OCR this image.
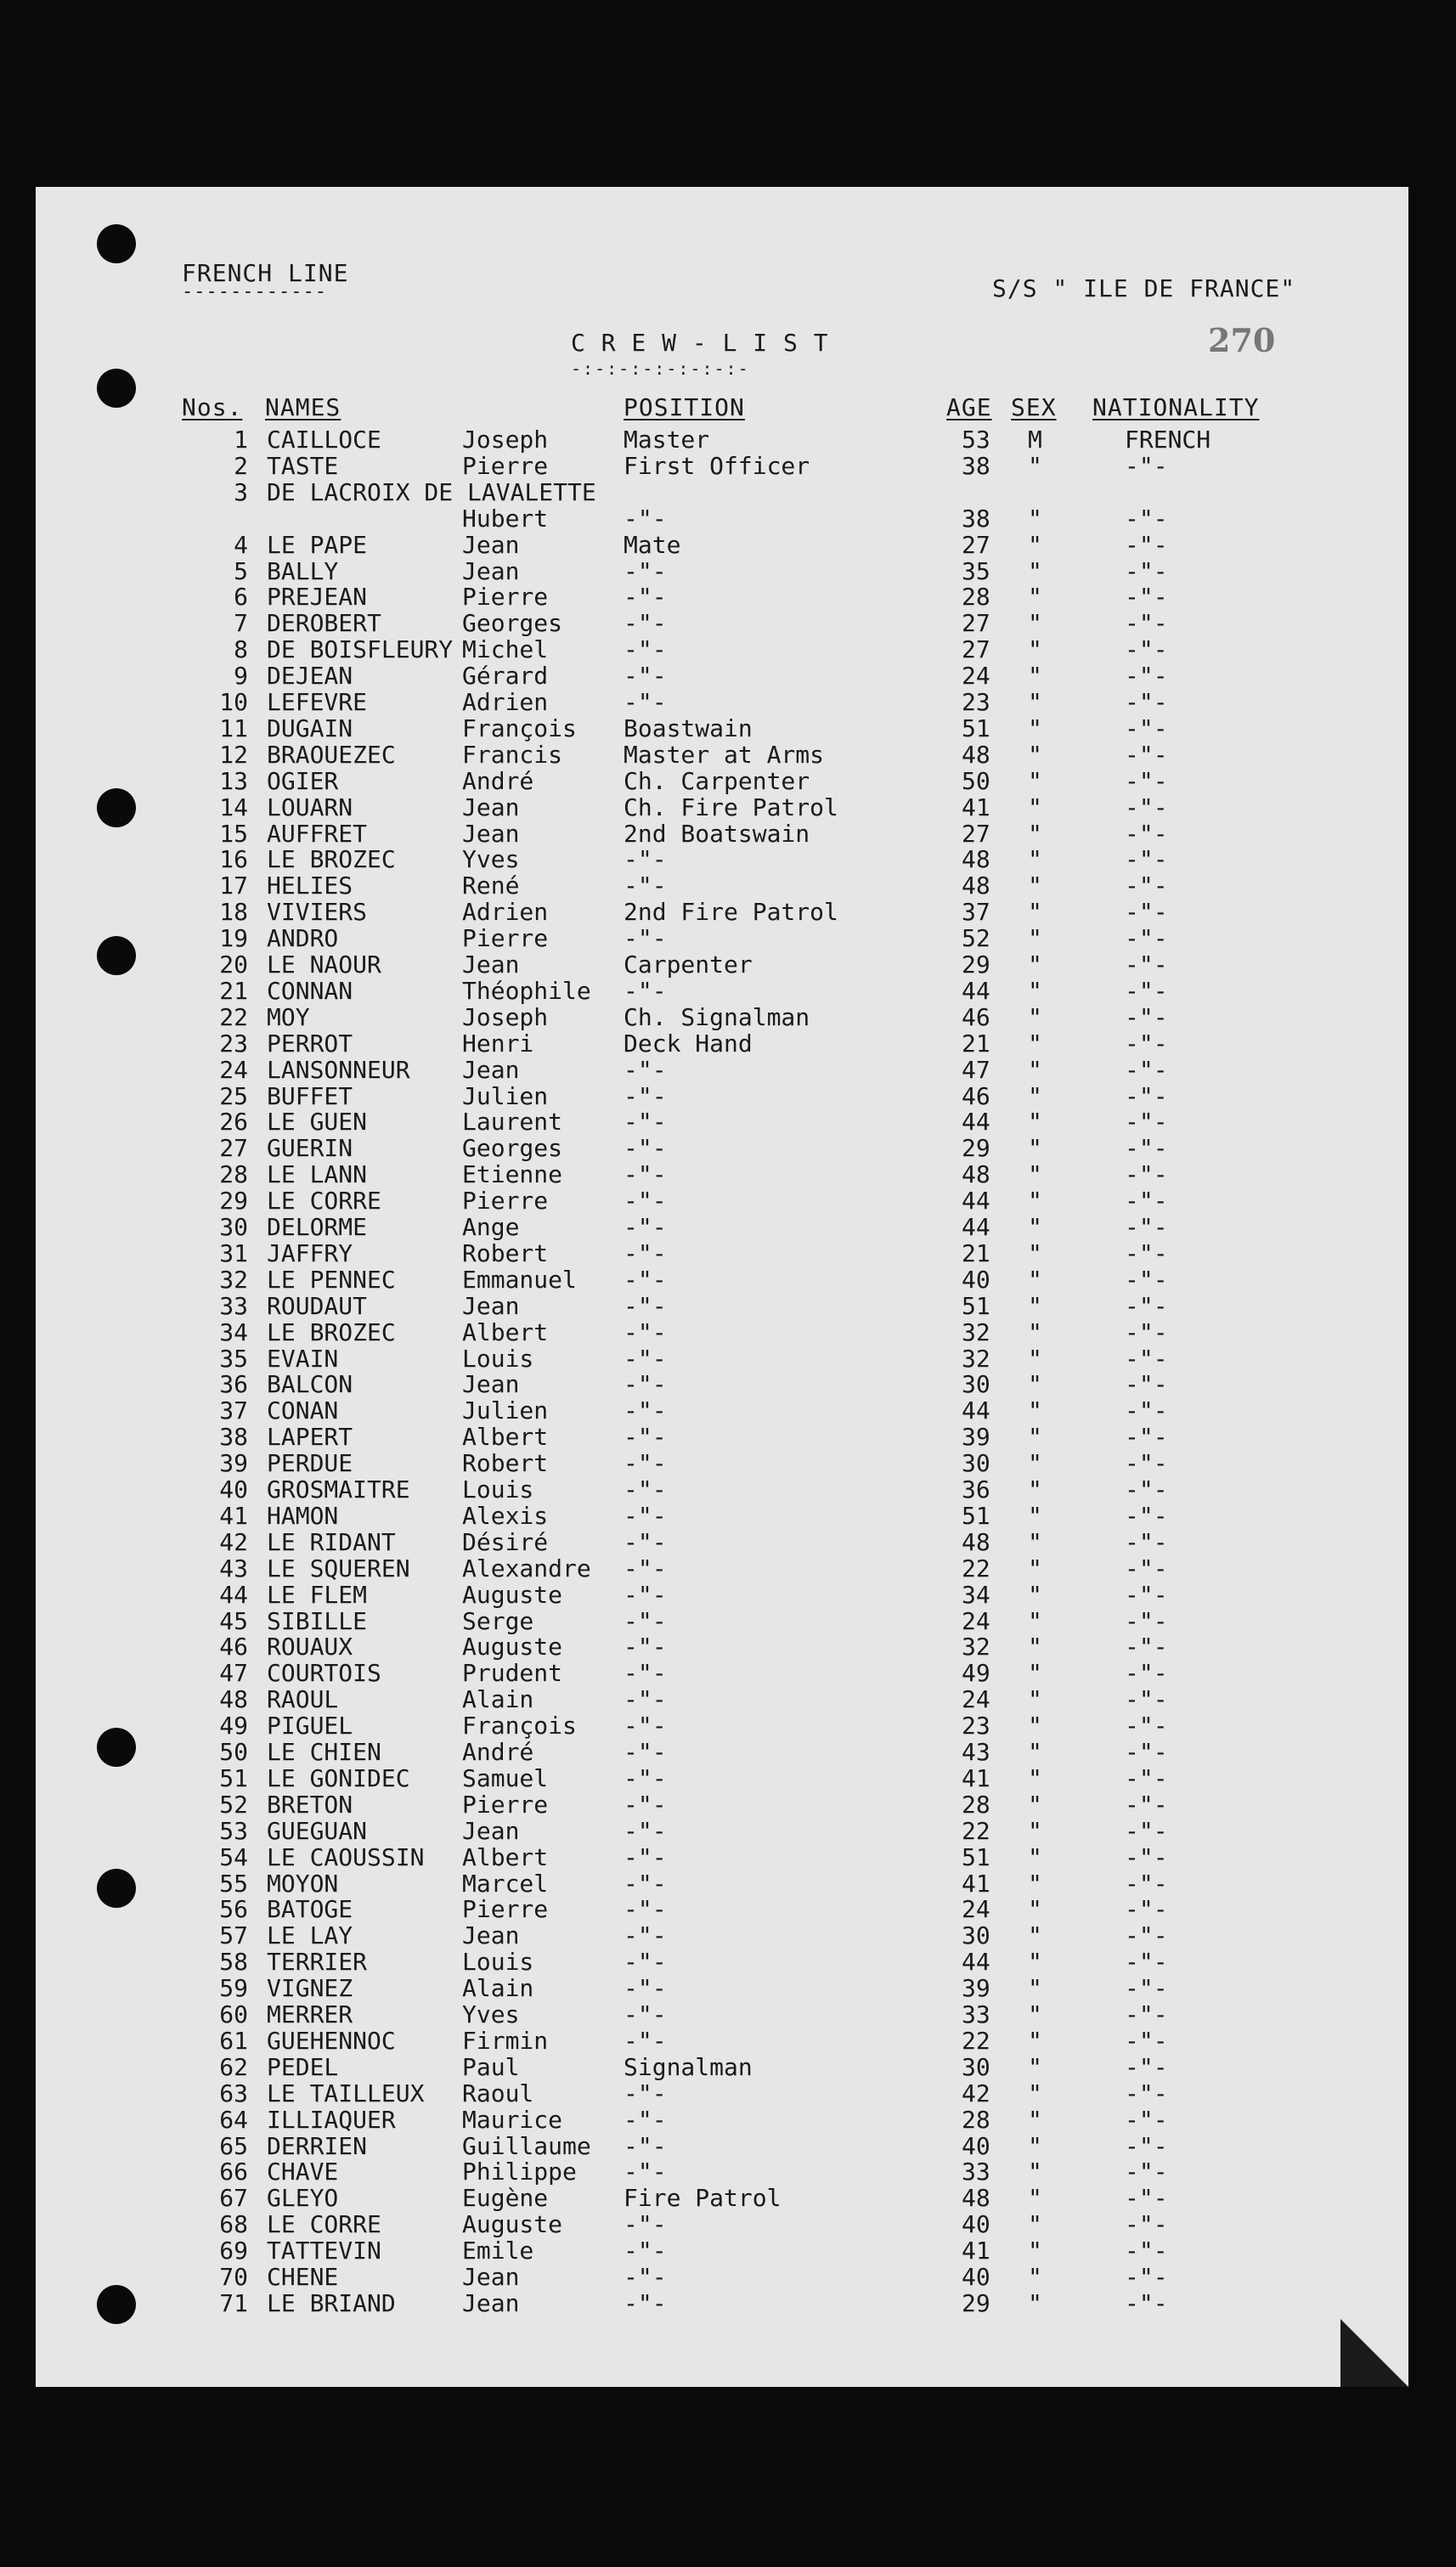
FRENCH LINE
------------	S/S " ILE DE FRANCE"
C R E W - L I S T
-:-:-:-:-:-:-:-
270
Nos. NAMES	POSITION	AGE SEX NATIONALITY
1 CAILLOCE	Joseph	Master	53 M	FRENCH
2 TASTE	Pierre	First Officer	38 "	-"-
3 DE LACROIX DE LAVALETTE
Hubert	-"-	38 "	-"-
4 LE PAPE	Jean	Mate	27 "	-"-
5 BALLY	Jean	-"-	35 "	-"-
6 PREJEAN	Pierre	-"-	28 "	-"-
7 DEROBERT	Georges	-"-	27 "	-"-
8 DE BOISFLEURY Michel	-"-	27 "	-"-
9 DEJEAN	Gérard	-"-	24 "	-"-
10 LEFEVRE	Adrien	-"-	23 "	-"-
11 DUGAIN	François Boastwain	51 "	-"-
12 BRAOUEZEC	Francis	Master at Arms	48 "	-"-
13 OGIER	André	Ch. Carpenter	50 "	-"-
14 LOUARN	Jean	Ch. Fire Patrol	41 "	-"-
15 AUFFRET	Jean	2nd Boatswain	27 "	-"-
16 LE BROZEC	Yves	-"-	48 "	-"-
17 HELIES	René	-"-	48 "	-"-
18 VIVIERS	Adrien	2nd Fire Patrol	37 "	-"-
19 ANDRO	Pierre	-"-	52 "	-"-
20 LE NAOUR	Jean	Carpenter	29 "	-"-
21 CONNAN	Théophile -"-	44 "	-"-
22 MOY	Joseph	Ch. Signalman	46 "	-"-
23 PERROT	Henri	Deck Hand	21 "	-"-
24 LANSONNEUR Jean	-"-	47 "	-"-
25 BUFFET	Julien	-"-	46 "	-"-
26 LE GUEN	Laurent	-"-	44 "	-"-
27 GUERIN	Georges	-"-	29 "	-"-
28 LE LANN	Etienne	-"-	48 "	-"-
29 LE CORRE	Pierre	-"-	44 "	-"-
30 DELORME	Ange	-"-	44 "	-"-
31 JAFFRY	Robert	-"-	21 "	-"-
32 LE PENNEC	Emmanuel -"-	40 "	-"-
33 ROUDAUT	Jean	-"-	51 "	-"-
34 LE BROZEC	Albert	-"-	32 "	-"-
35 EVAIN	Louis	-"-	32 "	-"-
36 BALCON	Jean	-"-	30 "	-"-
37 CONAN	Julien	-"-	44 "	-"-
38 LAPERT	Albert	-"-	39 "	-"-
39 PERDUE	Robert	-"-	30 "	-"-
40 GROSMAITRE Louis	-"-	36 "	-"-
41 HAMON	Alexis	-"-	51 "	-"-
42 LE RIDANT	Désiré	-"-	48 "	-"-
43 LE SQUEREN Alexandre -"-	22 "	-"-
44 LE FLEM	Auguste	-"-	34 "	-"-
45 SIBILLE	Serge	-"-	24 "	-"-
46 ROUAUX	Auguste	-"-	32 "	-"-
47 COURTOIS	Prudent	-"-	49 "	-"-
48 RAOUL	Alain	-"-	24 "	-"-
49 PIGUEL	François -"-	23 "	-"-
50 LE CHIEN	André	-"-	43 "	-"-
51 LE GONIDEC Samuel	-"-	41 "	-"-
52 BRETON	Pierre	-"-	28 "	-"-
53 GUEGUAN	Jean	-"-	22 "	-"-
54 LE CAOUSSIN Albert	-"-	51 "	-"-
55 MOYON	Marcel	-"-	41 "	-"-
56 BATOGE	Pierre	-"-	24 "	-"-
57 LE LAY	Jean	-"-	30 "	-"-
58 TERRIER	Louis	-"-	44 "	-"-
59 VIGNEZ	Alain	-"-	39 "	-"-
60 MERRER	Yves	-"-	33 "	-"-
61 GUEHENNOC	Firmin	-"-	22 "	-"-
62 PEDEL	Paul	Signalman	30 "	-"-
63 LE TAILLEUX Raoul	-"-	42 "	-"-
64 ILLIAQUER	Maurice	-"-	28 "	-"-
65 DERRIEN	Guillaume -"-	40 "	-"-
66 CHAVE	Philippe -"-	33 "	-"-
67 GLEYO	Eugène	Fire Patrol	48 "	-"-
68 LE CORRE	Auguste	-"-	40 "	-"-
69 TATTEVIN	Emile	-"-	41 "	-"-
70 CHENE	Jean	-"-	40 "	-"-
71 LE BRIAND	Jean	-"-	29 "	-"-
